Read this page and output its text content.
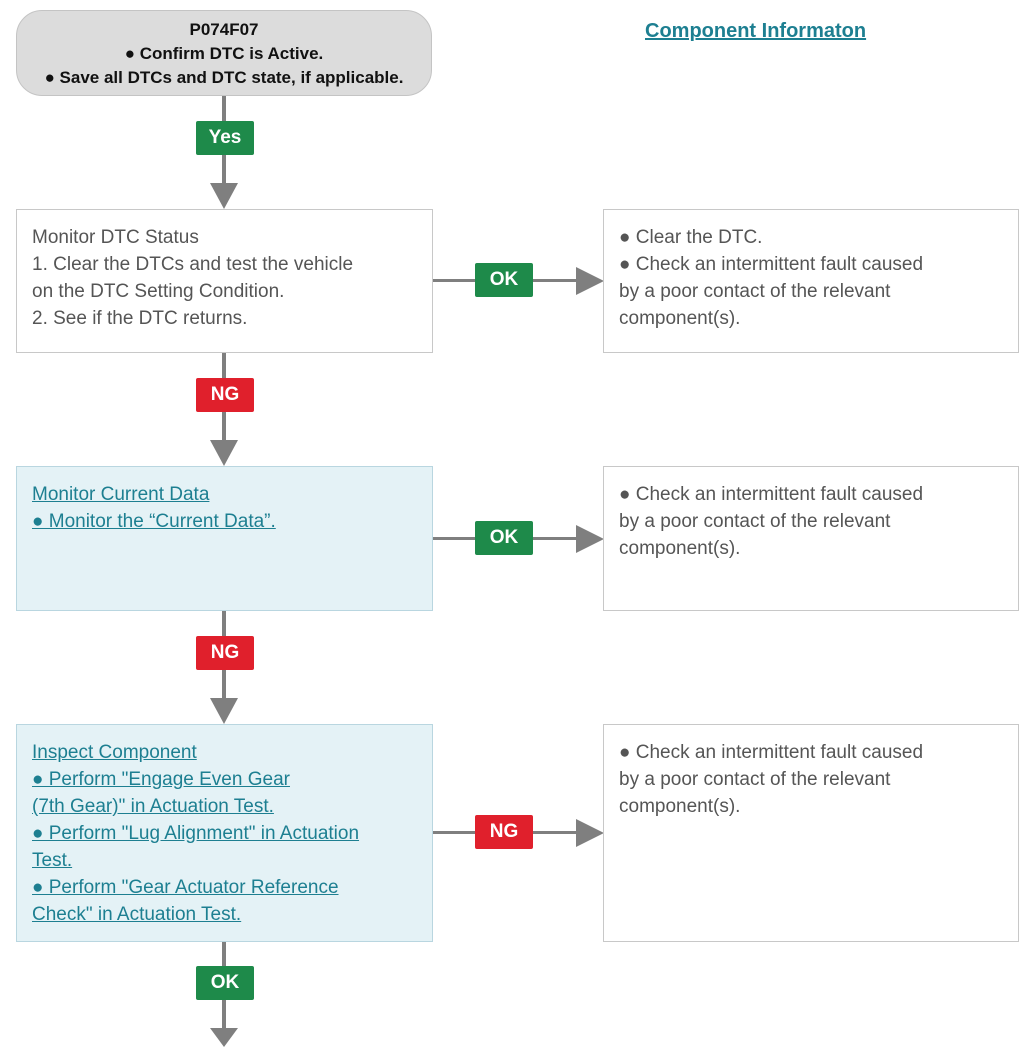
P074F07
● Confirm DTC is Active.
● Save all DTCs and DTC state, if applicable.
Component Informaton
Yes
Monitor DTC Status
1. Clear the DTCs and test the vehicle
on the DTC Setting Condition.
2. See if the DTC returns.
OK
● Clear the DTC.
● Check an intermittent fault caused
by a poor contact of the relevant
component(s).
NG
Monitor Current Data
● Monitor the “Current Data”.
OK
● Check an intermittent fault caused
by a poor contact of the relevant
component(s).
NG
Inspect Component
● Perform "Engage Even Gear
(7th Gear)" in Actuation Test.
● Perform "Lug Alignment" in Actuation
Test.
● Perform "Gear Actuator Reference
Check" in Actuation Test.
NG
● Check an intermittent fault caused
by a poor contact of the relevant
component(s).
OK
